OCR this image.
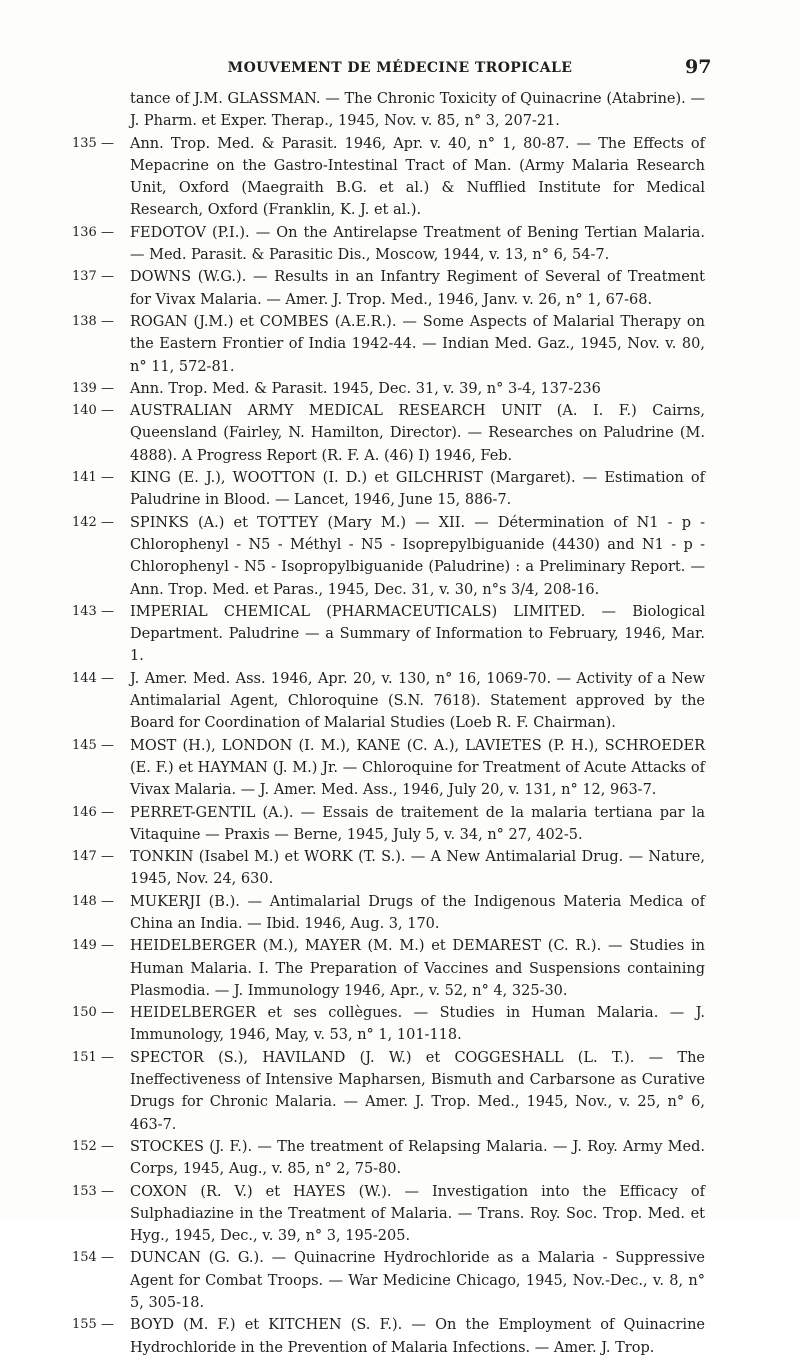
MOUVEMENT DE MÉDECINE TROPICALE	97
tance of J.M. GLASSMAN. — The Chronic Toxicity of Quinacrine (Atabrine). — J. Pharm. et Exper. Therap., 1945, Nov. v. 85, n° 3, 207-21.
135 —	Ann. Trop. Med. & Parasit. 1946, Apr. v. 40, n° 1, 80-87. — The Effects of Mepacrine on the Gastro-Intestinal Tract of Man. (Army Malaria Research Unit, Oxford (Maegraith B.G. et al.) & Nufflied Institute for Medical Research, Oxford (Franklin, K. J. et al.).
136 —	FEDOTOV (P.I.). — On the Antirelapse Treatment of Bening Tertian Malaria. — Med. Parasit. & Parasitic Dis., Moscow, 1944, v. 13, n° 6, 54-7.
137 —	DOWNS (W.G.). — Results in an Infantry Regiment of Several of Treatment for Vivax Malaria. — Amer. J. Trop. Med., 1946, Janv. v. 26, n° 1, 67-68.
138 —	ROGAN (J.M.) et COMBES (A.E.R.). — Some Aspects of Malarial Therapy on the Eastern Frontier of India 1942-44. — Indian Med. Gaz., 1945, Nov. v. 80, n° 11, 572-81.
139 —	Ann. Trop. Med. & Parasit. 1945, Dec. 31, v. 39, n° 3-4, 137-236
140 —	AUSTRALIAN ARMY MEDICAL RESEARCH UNIT (A. I. F.) Cairns, Queensland (Fairley, N. Hamilton, Director). — Researches on Paludrine (M. 4888). A Progress Report (R. F. A. (46) I) 1946, Feb.
141 —	KING (E. J.), WOOTTON (I. D.) et GILCHRIST (Margaret). — Estimation of Paludrine in Blood. — Lancet, 1946, June 15, 886-7.
142 —	SPINKS (A.) et TOTTEY (Mary M.) — XII. — Détermination of N1 - p - Chlorophenyl - N5 - Méthyl - N5 - Isoprepylbiguanide (4430) and N1 - p - Chlorophenyl - N5 - Isopropylbiguanide (Paludrine) : a Preliminary Report. — Ann. Trop. Med. et Paras., 1945, Dec. 31, v. 30, n°s 3/4, 208-16.
143 —	IMPERIAL CHEMICAL (PHARMACEUTICALS) LIMITED. — Biological Department. Paludrine — a Summary of Information to February, 1946, Mar. 1.
144 —	J. Amer. Med. Ass. 1946, Apr. 20, v. 130, n° 16, 1069-70. — Activity of a New Antimalarial Agent, Chloroquine (S.N. 7618). Statement approved by the Board for Coordination of Malarial Studies (Loeb R. F. Chairman).
145 —	MOST (H.), LONDON (I. M.), KANE (C. A.), LAVIETES (P. H.), SCHROEDER (E. F.) et HAYMAN (J. M.) Jr. — Chloroquine for Treatment of Acute Attacks of Vivax Malaria. — J. Amer. Med. Ass., 1946, July 20, v. 131, n° 12, 963-7.
146 —	PERRET-GENTIL (A.). — Essais de traitement de la malaria tertiana par la Vitaquine — Praxis — Berne, 1945, July 5, v. 34, n° 27, 402-5.
147 —	TONKIN (Isabel M.) et WORK (T. S.). — A New Antimalarial Drug. — Nature, 1945, Nov. 24, 630.
148 —	MUKERJI (B.). — Antimalarial Drugs of the Indigenous Materia Medica of China an India. — Ibid. 1946, Aug. 3, 170.
149 —	HEIDELBERGER (M.), MAYER (M. M.) et DEMAREST (C. R.). — Studies in Human Malaria. I. The Preparation of Vaccines and Suspensions containing Plasmodia. — J. Immunology 1946, Apr., v. 52, n° 4, 325-30.
150 —	HEIDELBERGER et ses collègues. — Studies in Human Malaria. — J. Immunology, 1946, May, v. 53, n° 1, 101-118.
151 —	SPECTOR (S.), HAVILAND (J. W.) et COGGESHALL (L. T.). — The Ineffectiveness of Intensive Mapharsen, Bismuth and Carbarsone as Curative Drugs for Chronic Malaria. — Amer. J. Trop. Med., 1945, Nov., v. 25, n° 6, 463-7.
152 —	STOCKES (J. F.). — The treatment of Relapsing Malaria. — J. Roy. Army Med. Corps, 1945, Aug., v. 85, n° 2, 75-80.
153 —	COXON (R. V.) et HAYES (W.). — Investigation into the Efficacy of Sulphadiazine in the Treatment of Malaria. — Trans. Roy. Soc. Trop. Med. et Hyg., 1945, Dec., v. 39, n° 3, 195-205.
154 —	DUNCAN (G. G.). — Quinacrine Hydrochloride as a Malaria - Suppressive Agent for Combat Troops. — War Medicine Chicago, 1945, Nov.-Dec., v. 8, n° 5, 305-18.
155 —	BOYD (M. F.) et KITCHEN (S. F.). — On the Employment of Quinacrine Hydrochloride in the Prevention of Malaria Infections. — Amer. J. Trop.
